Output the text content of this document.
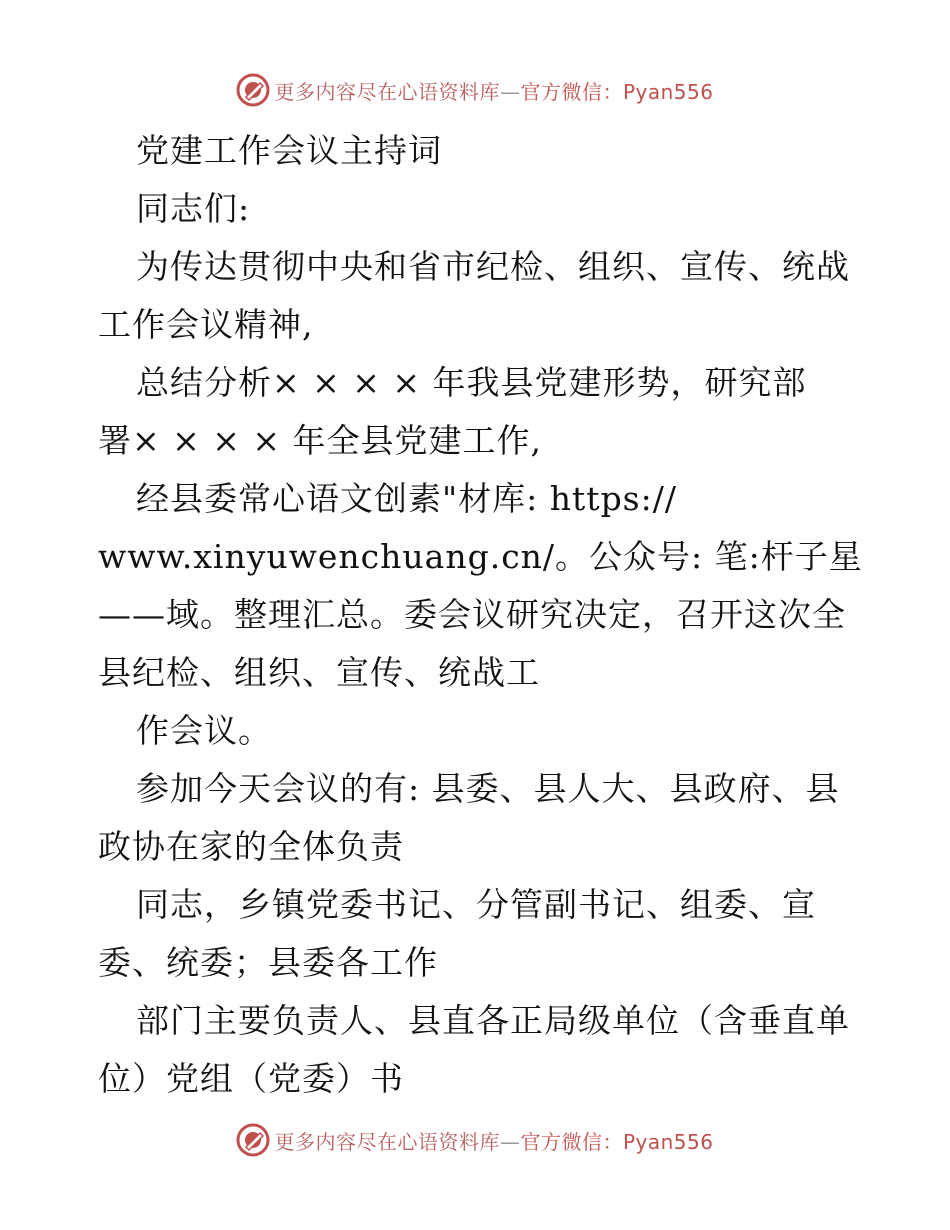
更多内容尽在心语资料库—官方微信：Pyan556
党建工作会议主持词
同志们:
为传达贯彻中央和省市纪检、组织、宣传、统战
工作会议精神,
总结分析× × × × 年我县党建形势，研究部
署× × × × 年全县党建工作,
经县委常心语文创素"材库: https://
www.xinyuwenchuang.cn/。公众号: 笔:杆子星
——域。整理汇总。委会议研究决定，召开这次全
县纪检、组织、宣传、统战工
作会议。
参加今天会议的有: 县委、县人大、县政府、县
政协在家的全体负责
同志，乡镇党委书记、分管副书记、组委、宣
委、统委；县委各工作
部门主要负责人、县直各正局级单位（含垂直单
位）党组（党委）书
更多内容尽在心语资料库—官方微信：Pyan556
